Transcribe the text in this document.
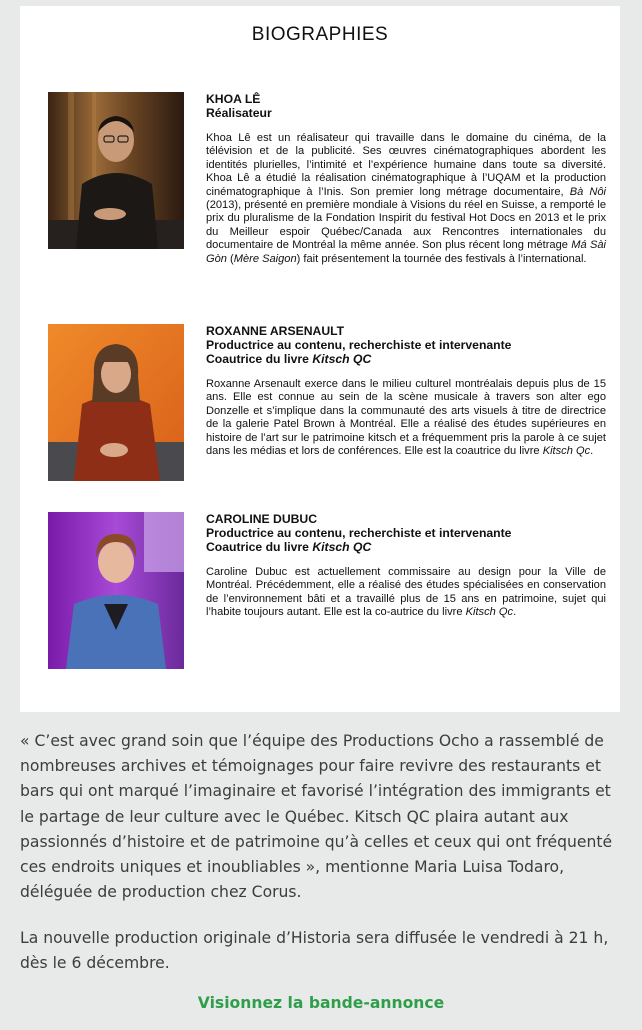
BIOGRAPHIES

KHOA LÊ

Réalisateur

Khoa Lê est un réalisateur qui travaille dans le domaine du cinéma, de la télévision et de la publicité. Ses œuvres cinématographiques abordent les identités plurielles, l’intimité et l’expérience humaine dans toute sa diversité. Khoa Lê a étudié la réalisation cinématographique à l’UQAM et la production cinématographique à l’Inis. Son premier long métrage documentaire, Bà Nôi (2013), présenté en première mondiale à Visions du réel en Suisse, a remporté le prix du pluralisme de la Fondation Inspirit du festival Hot Docs en 2013 et le prix du Meilleur espoir Québec/Canada aux Rencontres internationales du documentaire de Montréal la même année. Son plus récent long métrage Má Sài Gòn (Mère Saigon) fait présentement la tournée des festivals à l’international.

ROXANNE ARSENAULT

Productrice au contenu, recherchiste et intervenante

Coautrice du livre Kitsch QC

Roxanne Arsenault exerce dans le milieu culturel montréalais depuis plus de 15 ans. Elle est connue au sein de la scène musicale à travers son alter ego Donzelle et s’implique dans la communauté des arts visuels à titre de directrice de la galerie Patel Brown à Montréal. Elle a réalisé des études supérieures en histoire de l’art sur le patrimoine kitsch et a fréquemment pris la parole à ce sujet dans les médias et lors de conférences. Elle est la coautrice du livre Kitsch Qc.

CAROLINE DUBUC

Productrice au contenu, recherchiste et intervenante

Coautrice du livre Kitsch QC

Caroline Dubuc est actuellement commissaire au design pour la Ville de Montréal. Précédemment, elle a réalisé des études spécialisées en conservation de l’environnement bâti et a travaillé plus de 15 ans en patrimoine, sujet qui l’habite toujours autant. Elle est la co-autrice du livre Kitsch Qc.

« C’est avec grand soin que l’équipe des Productions Ocho a rassemblé de nombreuses archives et témoignages pour faire revivre des restaurants et bars qui ont marqué l’imaginaire et favorisé l’intégration des immigrants et le partage de leur culture avec le Québec. Kitsch QC plaira autant aux passionnés d’histoire et de patrimoine qu’à celles et ceux qui ont fréquenté ces endroits uniques et inoubliables », mentionne Maria Luisa Todaro, déléguée de production chez Corus.

La nouvelle production originale d’Historia sera diffusée le vendredi à 21 h, dès le 6 décembre.

Visionnez la bande-annonce
